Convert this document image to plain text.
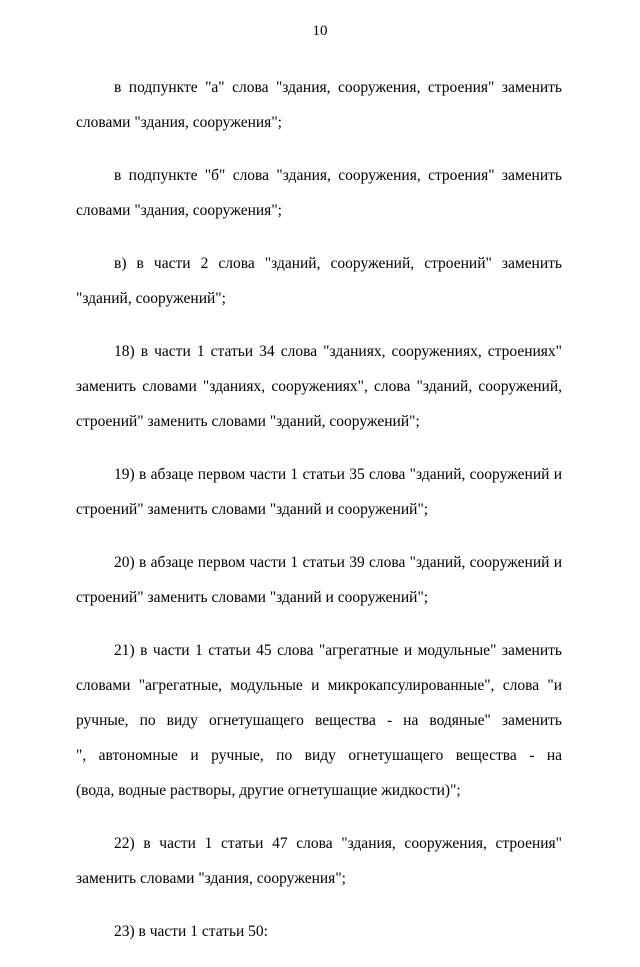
10
в подпункте "а" слова "здания, сооружения, строения" заменить
словами "здания, сооружения";
в подпункте "б" слова "здания, сооружения, строения" заменить
словами "здания, сооружения";
в) в части 2 слова "зданий, сооружений, строений" заменить
"зданий, сооружений";
18) в части 1 статьи 34 слова "зданиях, сооружениях, строениях"
заменить словами "зданиях, сооружениях", слова "зданий, сооружений,
строений" заменить словами "зданий, сооружений";
19) в абзаце первом части 1 статьи 35 слова "зданий, сооружений и
строений" заменить словами "зданий и сооружений";
20) в абзаце первом части 1 статьи 39 слова "зданий, сооружений и
строений" заменить словами "зданий и сооружений";
21) в части 1 статьи 45 слова "агрегатные и модульные" заменить
словами "агрегатные, модульные и микрокапсулированные", слова "и
ручные, по виду огнетушащего вещества - на водяные" заменить
", автономные и ручные, по виду огнетушащего вещества - на
(вода, водные растворы, другие огнетушащие жидкости)";
22) в части 1 статьи 47 слова "здания, сооружения, строения"
заменить словами "здания, сооружения";
23) в части 1 статьи 50:
